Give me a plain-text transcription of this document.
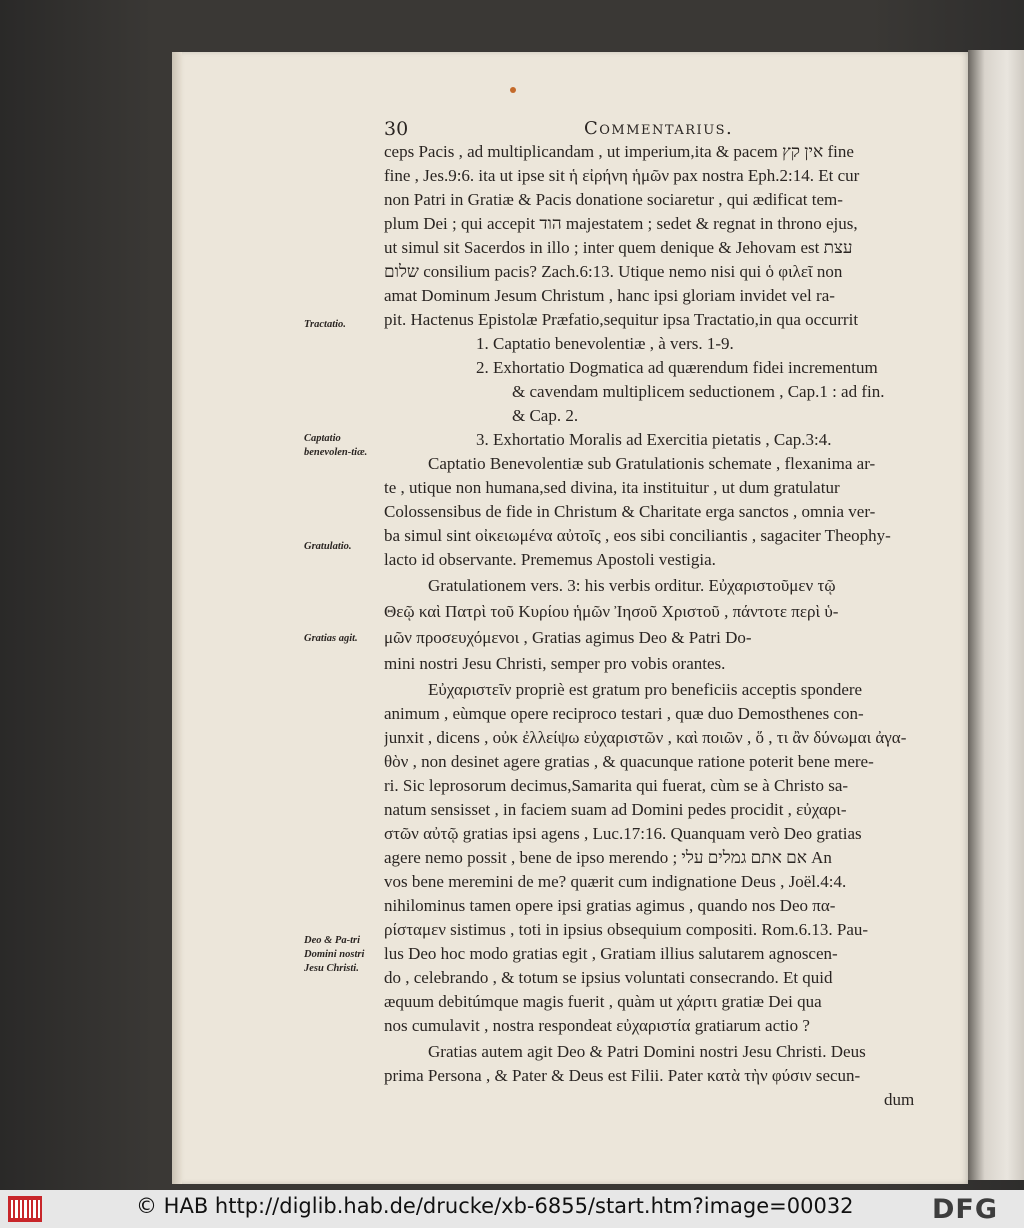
30	Commentarius.
ceps Pacis , ad multiplicandam , ut imperium,ita & pacem אין קץ fine
fine , Jes.9:6. ita ut ipse sit ἡ εἰρήνη ἡμῶν pax nostra Eph.2:14. Et cur
non Patri in Gratiæ & Pacis donatione sociaretur , qui ædificat tem-
plum Dei ; qui accepit הוד majestatem ; sedet & regnat in throno ejus,
ut simul sit Sacerdos in illo ; inter quem denique & Jehovam est עצת
שלום consilium pacis? Zach.6:13. Utique nemo nisi qui ὁ φιλεῖ non
amat Dominum Jesum Christum , hanc ipsi gloriam invidet vel ra-
pit. Hactenus Epistolæ Præfatio,sequitur ipsa Tractatio,in qua occurrit
1. Captatio benevolentiæ , à vers. 1-9.
2. Exhortatio Dogmatica ad quærendum fidei incrementum
& cavendam multiplicem seductionem , Cap.1 : ad fin.
& Cap. 2.
3. Exhortatio Moralis ad Exercitia pietatis , Cap.3:4.
Captatio Benevolentiæ sub Gratulationis schemate , flexanima ar-
te , utique non humana,sed divina, ita instituitur , ut dum gratulatur
Colossensibus de fide in Christum & Charitate erga sanctos , omnia ver-
ba simul sint οἰκειωμένα αὐτοῖς , eos sibi conciliantis , sagaciter Theophy-
lacto id observante. Prememus Apostoli vestigia.
Gratulationem vers. 3: his verbis orditur. Εὐχαριστοῦμεν τῷ
Θεῷ καὶ Πατρὶ τοῦ Κυρίου ἡμῶν Ἰησοῦ Χριστοῦ , πάντοτε περὶ ὑ-
μῶν προσευχόμενοι , Gratias agimus Deo & Patri Do-
mini nostri Jesu Christi, semper pro vobis orantes.
Εὐχαριστεῖν propriè est gratum pro beneficiis acceptis spondere
animum , eùmque opere reciproco testari , quæ duo Demosthenes con-
junxit , dicens , οὐκ ἐλλείψω εὐχαριστῶν , καὶ ποιῶν , ὅ , τι ἂν δύνωμαι ἀγα-
θὸν , non desinet agere gratias , & quacunque ratione poterit bene mere-
ri. Sic leprosorum decimus,Samarita qui fuerat, cùm se à Christo sa-
natum sensisset , in faciem suam ad Domini pedes procidit , εὐχαρι-
στῶν αὐτῷ gratias ipsi agens , Luc.17:16. Quanquam verò Deo gratias
agere nemo possit , bene de ipso merendo ; אם אתם גמלים עלי An
vos bene meremini de me? quærit cum indignatione Deus , Joël.4:4.
nihilominus tamen opere ipsi gratias agimus , quando nos Deo πα-
ρίσταμεν sistimus , toti in ipsius obsequium compositi. Rom.6.13. Pau-
lus Deo hoc modo gratias egit , Gratiam illius salutarem agnoscen-
do , celebrando , & totum se ipsius voluntati consecrando. Et quid
æquum debitúmque magis fuerit , quàm ut χάριτι gratiæ Dei qua
nos cumulavit , nostra respondeat εὐχαριστία gratiarum actio ?
Gratias autem agit Deo & Patri Domini nostri Jesu Christi. Deus
prima Persona , & Pater & Deus est Filii. Pater κατὰ τὴν φύσιν secun-
dum
Tractatio.
Captatio benevolen-tiæ.
Gratulatio.
Gratias agit.
Deo & Pa-tri Domini nostri Jesu Christi.
© HAB http://diglib.hab.de/drucke/xb-6855/start.htm?image=00032	DFG
